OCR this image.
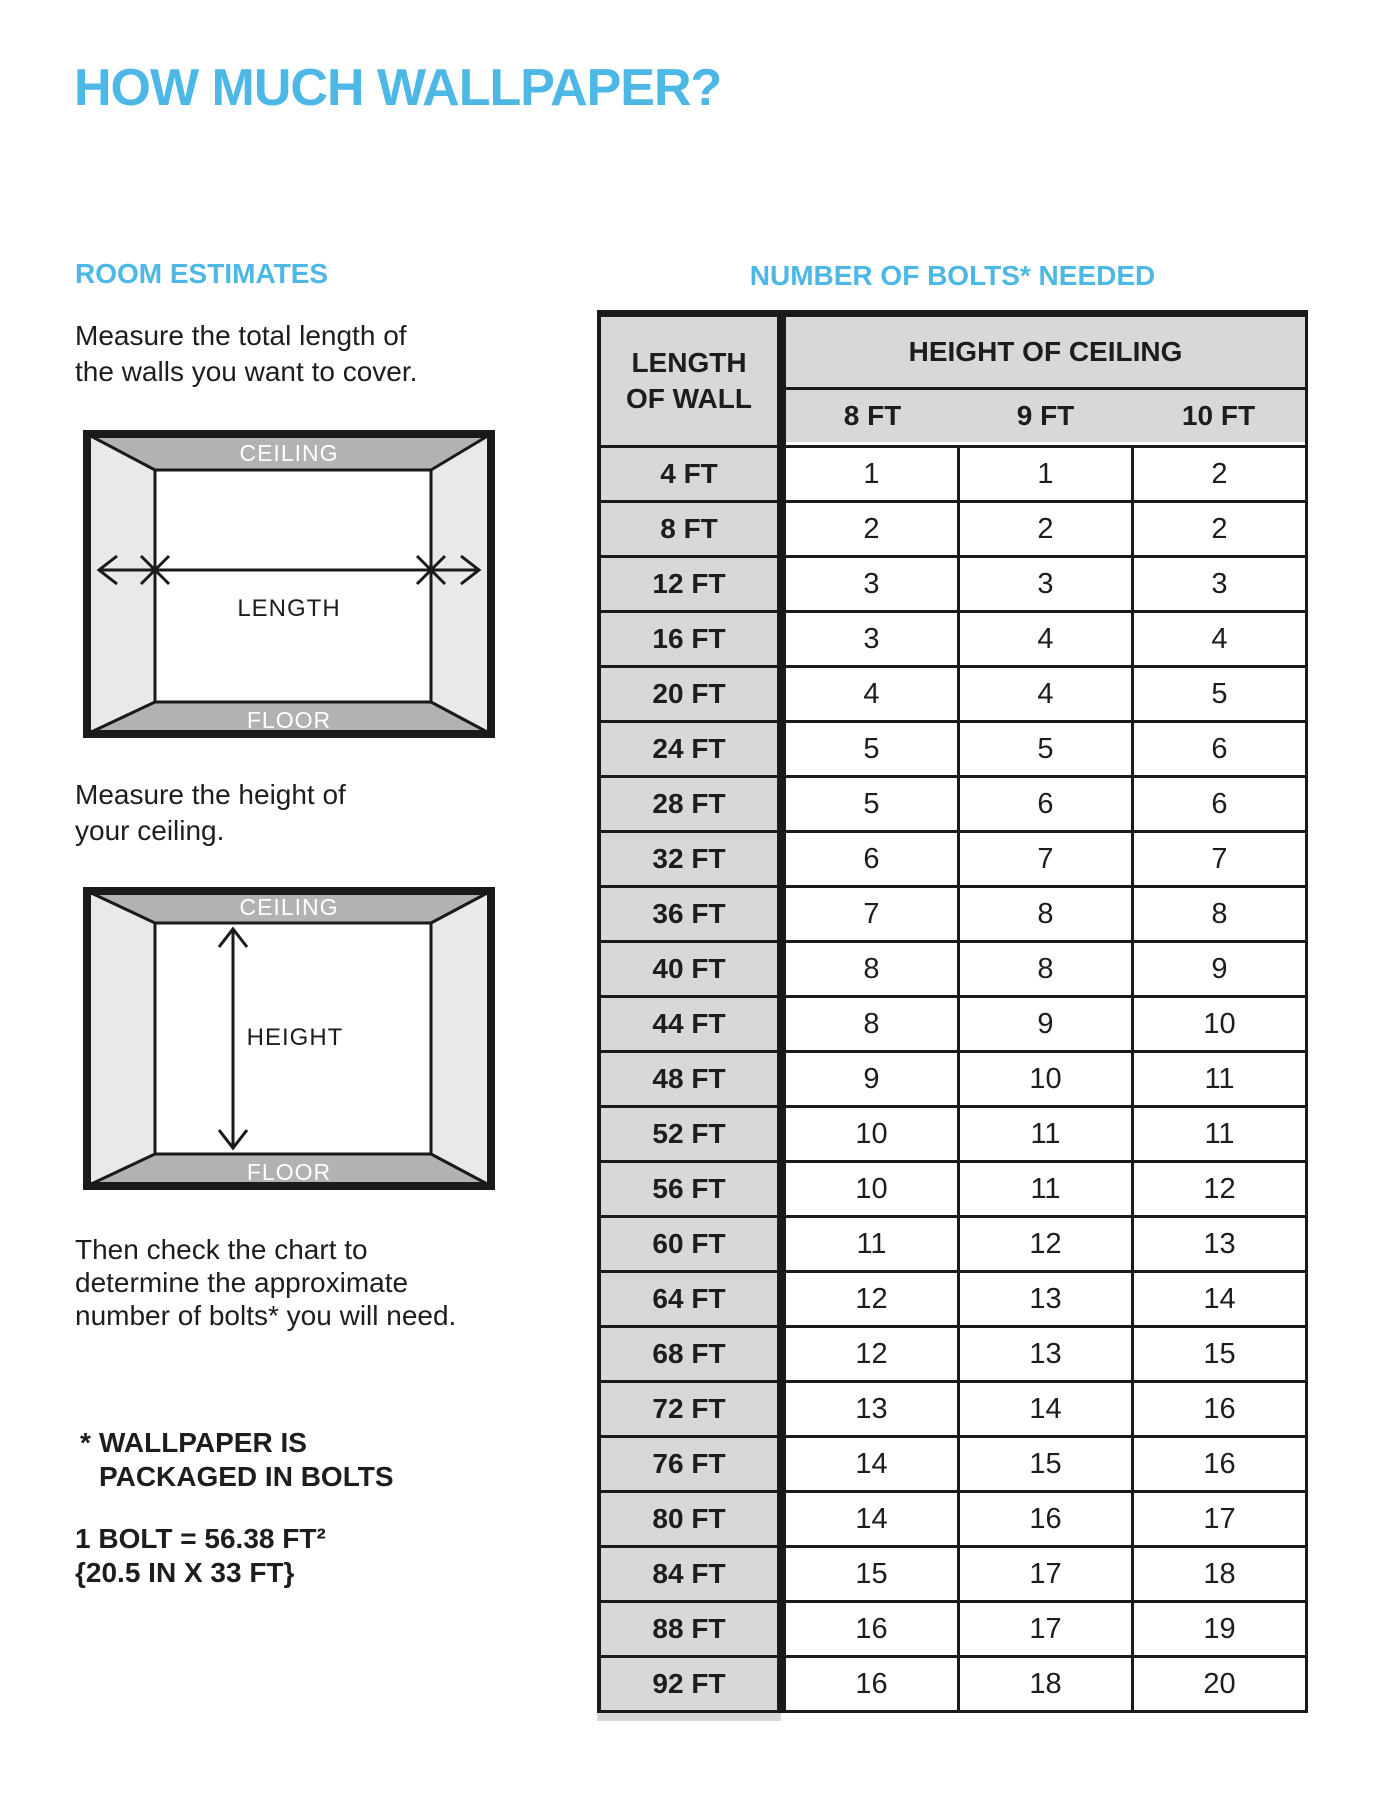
HOW MUCH WALLPAPER?
ROOM ESTIMATES
Measure the total length of
the walls you want to cover.
CEILING
FLOOR
LENGTH
Measure the height of
your ceiling.
CEILING
FLOOR
HEIGHT
Then check the chart to
determine the approximate
number of bolts* you will need.
* WALLPAPER IS
PACKAGED IN BOLTS
1 BOLT = 56.38 FT²
{20.5 IN X 33 FT}
NUMBER OF BOLTS* NEEDED
LENGTH
OF WALL
HEIGHT OF CEILING
8 FT	9 FT	10 FT
4 FT	1	1	2
8 FT	2	2	2
12 FT	3	3	3
16 FT	3	4	4
20 FT	4	4	5
24 FT	5	5	6
28 FT	5	6	6
32 FT	6	7	7
36 FT	7	8	8
40 FT	8	8	9
44 FT	8	9	10
48 FT	9	10	11
52 FT	10	11	11
56 FT	10	11	12
60 FT	11	12	13
64 FT	12	13	14
68 FT	12	13	15
72 FT	13	14	16
76 FT	14	15	16
80 FT	14	16	17
84 FT	15	17	18
88 FT	16	17	19
92 FT	16	18	20
